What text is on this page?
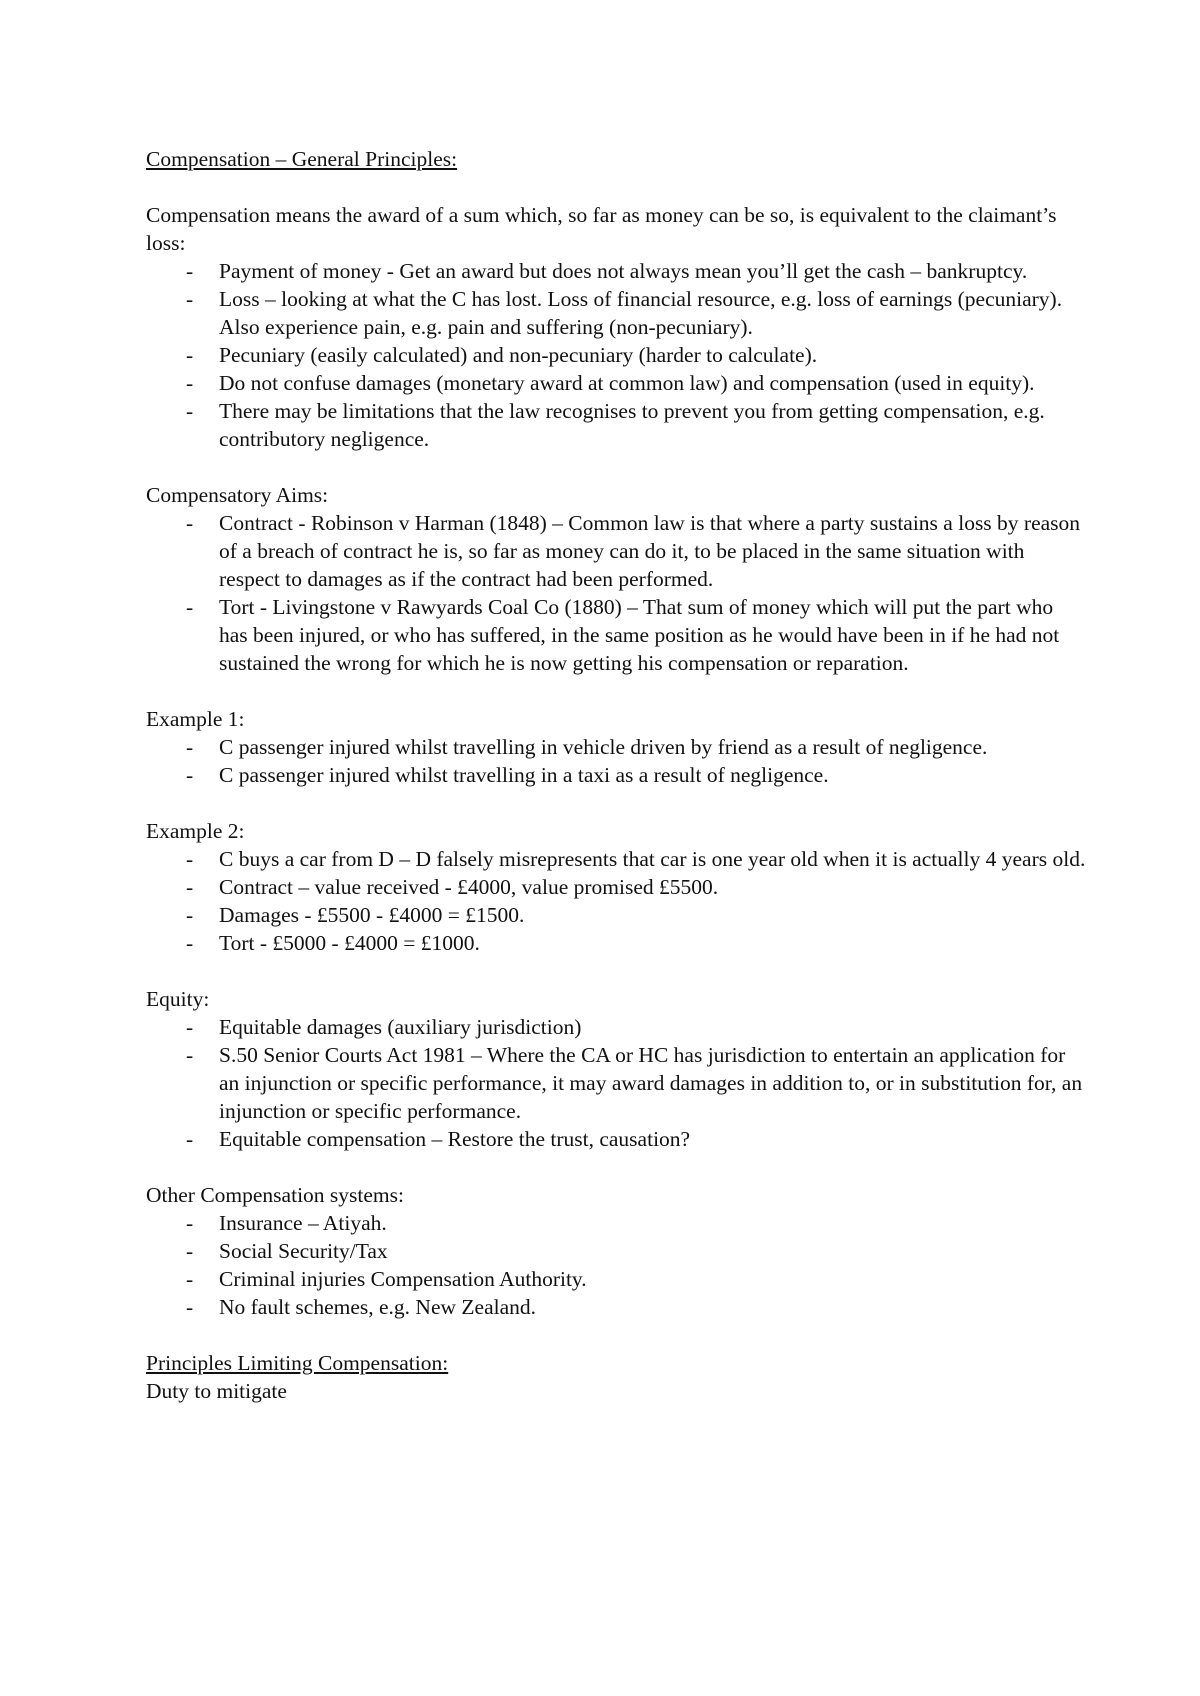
Compensation – General Principles:

Compensation means the award of a sum which, so far as money can be so, is equivalent to the claimant’s loss:

- Payment of money - Get an award but does not always mean you’ll get the cash – bankruptcy.
- Loss – looking at what the C has lost. Loss of financial resource, e.g. loss of earnings (pecuniary). Also experience pain, e.g. pain and suffering (non-pecuniary).
- Pecuniary (easily calculated) and non-pecuniary (harder to calculate).
- Do not confuse damages (monetary award at common law) and compensation (used in equity).
- There may be limitations that the law recognises to prevent you from getting compensation, e.g. contributory negligence.

Compensatory Aims:

- Contract - Robinson v Harman (1848) – Common law is that where a party sustains a loss by reason of a breach of contract he is, so far as money can do it, to be placed in the same situation with respect to damages as if the contract had been performed.
- Tort - Livingstone v Rawyards Coal Co (1880) – That sum of money which will put the part who has been injured, or who has suffered, in the same position as he would have been in if he had not sustained the wrong for which he is now getting his compensation or reparation.

Example 1:

- C passenger injured whilst travelling in vehicle driven by friend as a result of negligence.
- C passenger injured whilst travelling in a taxi as a result of negligence.

Example 2:

- C buys a car from D – D falsely misrepresents that car is one year old when it is actually 4 years old.
- Contract – value received - £4000, value promised £5500.
- Damages - £5500 - £4000 = £1500.
- Tort - £5000 - £4000 = £1000.

Equity:

- Equitable damages (auxiliary jurisdiction)
- S.50 Senior Courts Act 1981 – Where the CA or HC has jurisdiction to entertain an application for an injunction or specific performance, it may award damages in addition to, or in substitution for, an injunction or specific performance.
- Equitable compensation – Restore the trust, causation?

Other Compensation systems:

- Insurance – Atiyah.
- Social Security/Tax
- Criminal injuries Compensation Authority.
- No fault schemes, e.g. New Zealand.

Principles Limiting Compensation:

Duty to mitigate
